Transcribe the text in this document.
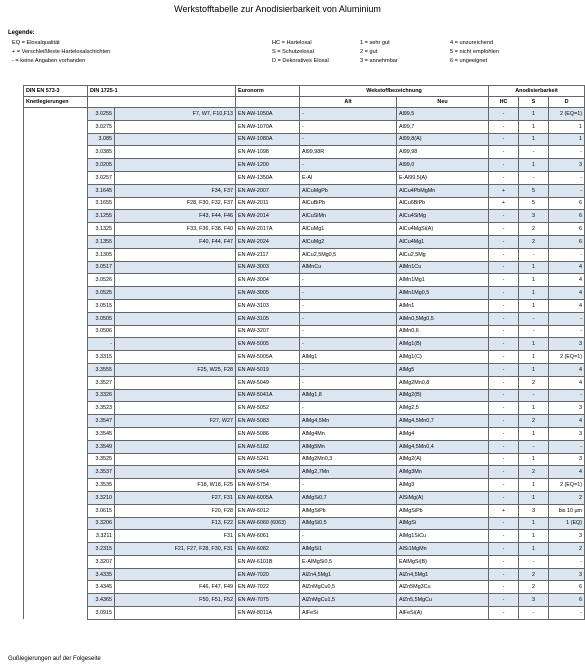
Werkstofftabelle zur Anodisierbarkeit von Aluminium
Legende:
EQ = Eloxalqualität
+ = Verschleißfeste Harteloxalschichten
- = keine Angaben vorhanden
HC = Harteloxal
S = Schutzeloxal
D = Dekoratives Eloxal
1 = sehr gut
2 = gut
3 = annehmbar
4 = unzureichend
5 = nicht empfohlen
6 = ungeeignet
DIN EN 573-3	DIN 1725-1		Euronorm	Wekstoffbezeichnung		Anodisierbarkeit		
Knetlegierungen				Alt	Neu	HC	S	D
	3.0255	F7, W7, F10,F13	EN AW-1050A	-	Al99,5	-	1	2 (EQ=1)
	3.0275		EN AW-1070A	-	Al99,7	-	1	1
	3.085		EN AW-1080A	-	Al99,8(A)	-	1	1
	3.0385		EN AW-1098	Al99,98R	Al99,98	-	-	-
	3.0205		EN AW-1200	-	Al99,0	-	1	3
	3.0257		EN AW-1350A	E-Al	E-Al99,5(A)	-	-	-
	3.1645	F34, F37	EN AW-2007	AlCuMgPb	AlCu4PbMgMn	+	5	-
	3.1655	F28, F30, F32, F37	EN AW-2011	AlCuBiPb	AlCu6BiPb	+	5	6
	3.1255	F43, F44, F46	EN AW-2014	AlCuSiMn	AlCu4SiMg	-	3	6
	3.1325	F33, F36, F38, F40	EN AW-2017A	AlCuMg1	AlCu4MgSi(A)	-	2	6
	3.1355	F40, F44, F47	EN AW-2024	AlCuMg2	AlCu4Mg1	-	2	6
	3.1305		EN AW-2117	AlCu2,5Mg0,5	AlCu2,5Mg	-	-	-
	3.0517		EN AW-3003	AlMnCu	AlMn1Cu	-	1	4
	3.0526		EN AW-3004	-	AlMn1Mg1	-	1	4
	3.0525		EN AW-3005	-	AlMn1Mg0,5	-	1	4
	3.0515		EN AW-3103	-	AlMn1	-	1	4
	3.0505		EN AW-3105	-	AlMn0,5Mg0,5	-	-	-
	3.0506		EN AW-3207	-	AlMn0,6	-	-	-
	-		EN AW-5005	-	AlMg1(B)	-	1	3
	3.3315		EN AW-5005A	AlMg1	AlMg1(C)	-	1	2 (EQ=1)
	3.3555	F25, W25, F28	EN AW-5019	-	AlMg5	-	1	4
	3.3527		EN AW-5049	-	AlMg2Mn0,8	-	2	4
	3.3326		EN AW-5041A	AlMg1,8	AlMg2(B)	-	-	-
	3.3523		EN AW-5052	-	AlMg2,5	-	1	3
	3.3547	F27, W27	EN AW-5083	AlMg4,5Mn	AlMg4,5Mn0,7	-	2	4
	3.3545		EN AW-5086	AlMg4Mn	AlMg4	-	1	3
	3.3549		EN AW-5182	AlMg5Mn	AlMg4,5Mn0,4	-	-	-
	3.3525		EN AW-5241	AlMg2Mn0,3	AlMg2(A)	-	1	3
	3.3537		EN AW-5454	AlMg2,7Mn	AlMg3Mn	-	2	4
	3.3535	F18, W18, F25	EN AW-5754	-	AlMg3	-	1	2 (EQ=1)
	3.3210	F27, F31	EN AW-6005A	AlMgSi0,7	AlSiMg(A)	-	1	2
	3.0615	F20, F28	EN AW-6012	AlMgSiPb	AlMgSiPb	+	3	bis 10 µm
	3.3206	F13, F22	EN AW-6060 (6063)	AlMgSi0,5	AlMgSi	-	1	1 (EQ)
	3.3211	F31	EN AW-6061	-	AlMg1SiCu	-	1	3
	3.2315	F21, F27, F28, F30, F31	EN AW-6082	AlMgSi1	AlSi1MgMn	-	1	2
	3.3207		EN AW-6101B	E-AlMgSi0,5	EAlMgSi(B)	-	-	-
	3.4335		EN AW-7020	AlZn4,5Mg1	AlZn4,5Mg1	-	2	3
	3.4345	F46, F47, F49	EN AW-7022	AlZnMgCu0,5	AlZn5Mg3Cu	-	2	6
	3.4365	F50, F51, F52	EN AW-7075	AlZnMgCu1,5	AlZn5,5MgCu	-	3	6
	3.0915		EN AW-8011A	AlFeSi	AlFeSi(A)	-	-	-
Gußlegierungen auf der Folgeseite
